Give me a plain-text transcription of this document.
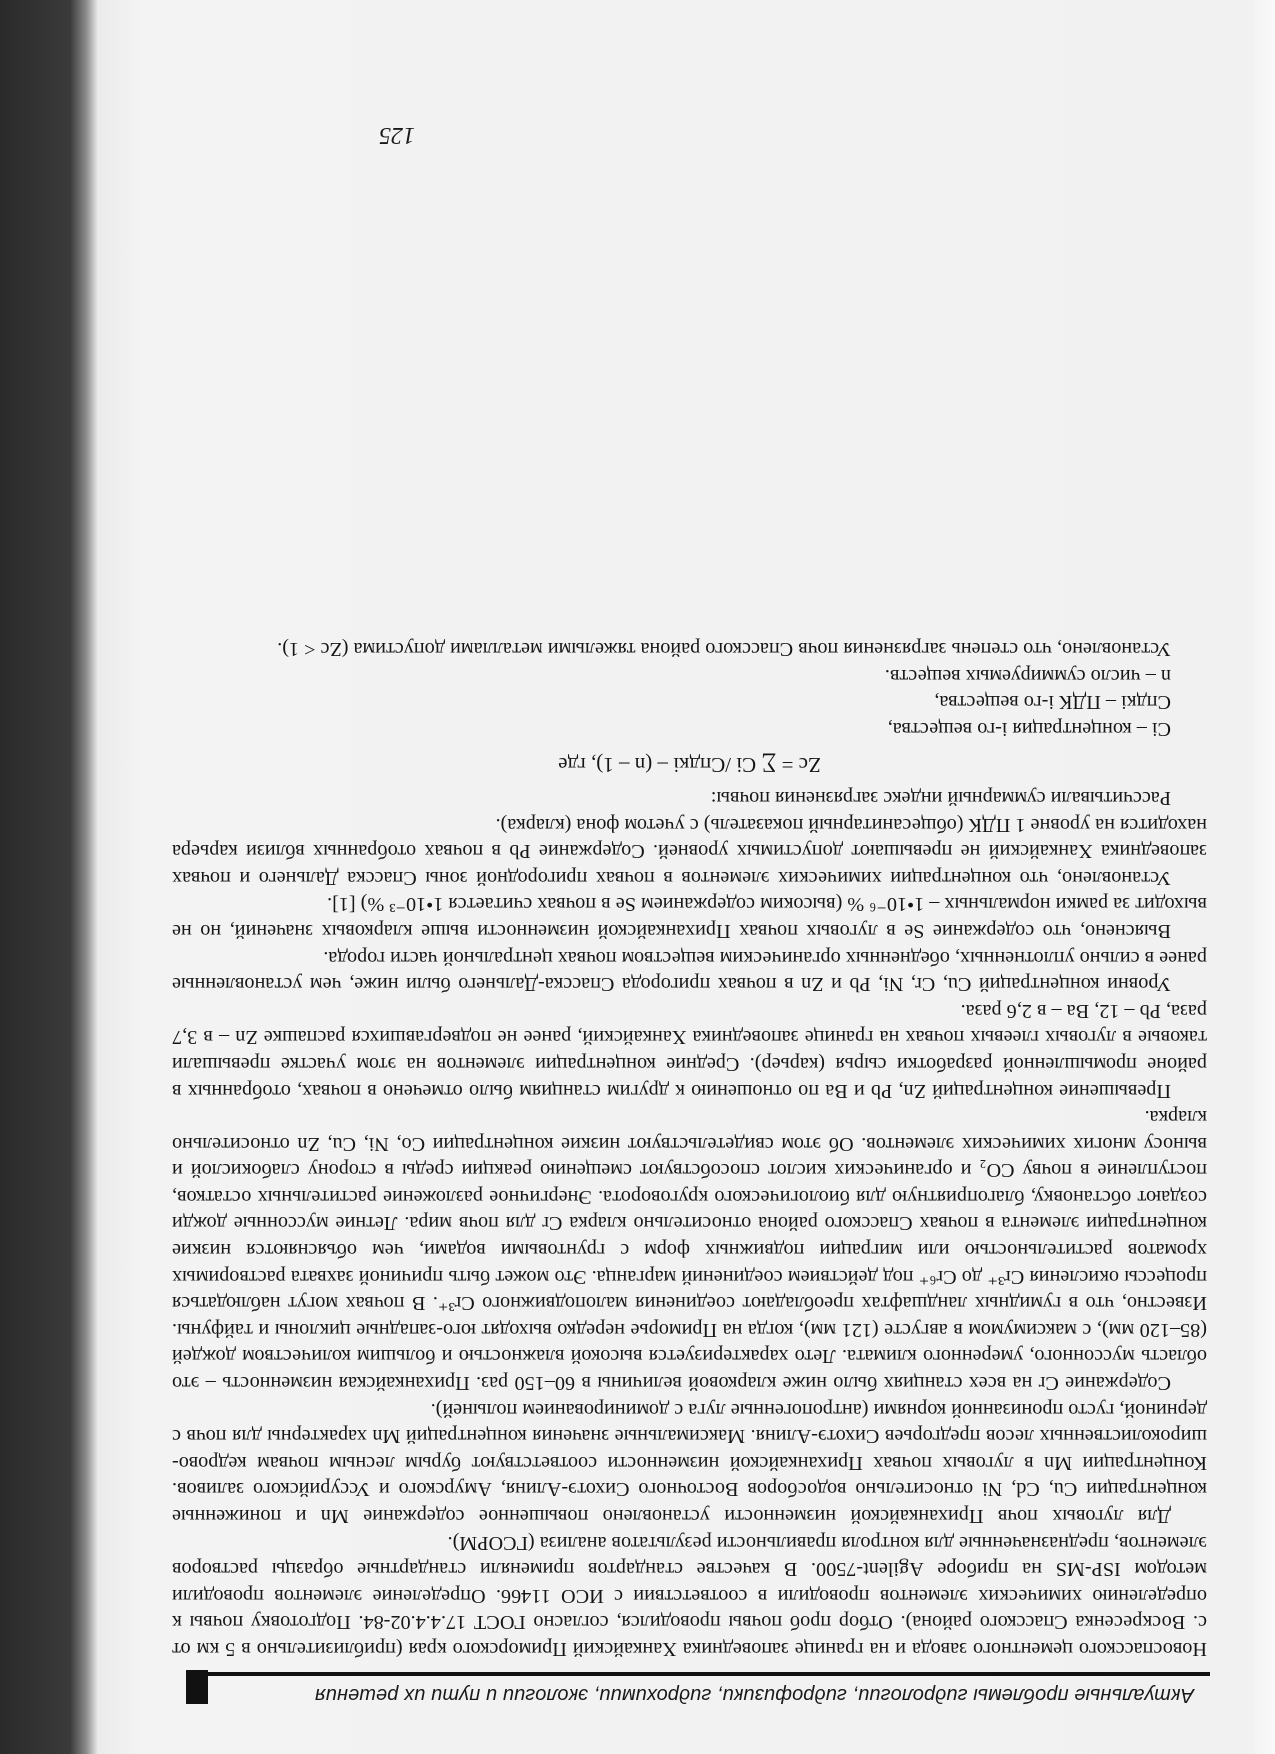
Актуальные проблемы гидрологии, гидрофизики, гидрохимии, экологии и пути их решения

Новоспасского цементного завода и на границе заповедника Ханкайский Приморского края (приблизительно в 5 км от с. Воскресенка Спасского района). Отбор проб почвы проводился, согласно ГОСТ 17.4.4.02-84. Подготовку почвы к определению химических элементов проводили в соответствии с ИСО 11466. Определение элементов проводили методом ISP-MS на приборе Agilent-7500. В качестве стандартов применяли стандартные образцы растворов элементов, предназначенные для контроля правильности результатов анализа (ГСОРМ).

Для луговых почв Приханкайской низменности установлено повышенное содержание Mn и пониженные концентрации Cu, Cd, Ni относительно водосборов Восточного Сихотэ-Алиня, Амурского и Уссурийского заливов. Концентрации Mn в луговых почвах Приханкайской низменности соответствуют бурым лесным почвам кедрово-широколиственных лесов предгорьев Сихотэ-Алиня. Максимальные значения концентраций Mn характерны для почв с дерниной, густо пронизанной корнями (антропогенные луга с доминированием полыней).

Содержание Cr на всех станциях было ниже кларковой величины в 60–150 раз. Приханкайская низменность – это область муссонного, умеренного климата. Лето характеризуется высокой влажностью и большим количеством дождей (85–120 мм), с максимумом в августе (121 мм), когда на Приморье нередко выходят юго-западные циклоны и тайфуны. Известно, что в гумидных ландшафтах преобладают соединения малоподвижного Cr³⁺. В почвах могут наблюдаться процессы окисления Cr³⁺ до Cr⁶⁺ под действием соединений марганца. Это может быть причиной захвата растворимых хроматов растительностью или миграции подвижных форм с грунтовыми водами, чем объясняются низкие концентрации элемента в почвах Спасского района относительно кларка Cr для почв мира. Летние муссонные дожди создают обстановку, благоприятную для биологического круговорота. Энергичное разложение растительных остатков, поступление в почву CO₂ и органических кислот способствуют смещению реакции среды в сторону слабокислой и выносу многих химических элементов. Об этом свидетельствуют низкие концентрации Co, Ni, Cu, Zn относительно кларка.

Превышение концентраций Zn, Pb и Ba по отношению к другим станциям было отмечено в почвах, отобранных в районе промышленной разработки сырья (карьер). Средние концентрации элементов на этом участке превышали таковые в луговых глеевых почвах на границе заповедника Ханкайский, ранее не подвергавшихся распашке Zn – в 3,7 раза, Pb – 12, Ba – в 2,6 раза.

Уровни концентраций Cu, Cr, Ni, Pb и Zn в почвах пригорода Спасска-Дальнего были ниже, чем установленные ранее в сильно уплотненных, обедненных органическим веществом почвах центральной части города.

Выяснено, что содержание Se в луговых почвах Приханкайской низменности выше кларковых значений, но не выходит за рамки нормальных – 1•10⁻⁶ % (высоким содержанием Se в почвах считается 1•10⁻³ %) [1].

Установлено, что концентрации химических элементов в почвах пригородной зоны Спасска Дальнего и почвах заповедника Ханкайский не превышают допустимых уровней. Содержание Pb в почвах отобранных вблизи карьера находится на уровне 1 ПДК (общесанитарный показатель) с учетом фона (кларка).

Рассчитывали суммарный индекс загрязнения почвы:

Zc = ∑ Ci /Спдкi – (n – 1), где

Ci – концентрация i-го вещества,

Спдкi – ПДК i-го вещества,

n – число суммируемых веществ.

Установлено, что степень загрязнения почв Спасского района тяжелыми металлами допустима (Zc < 1).

125
